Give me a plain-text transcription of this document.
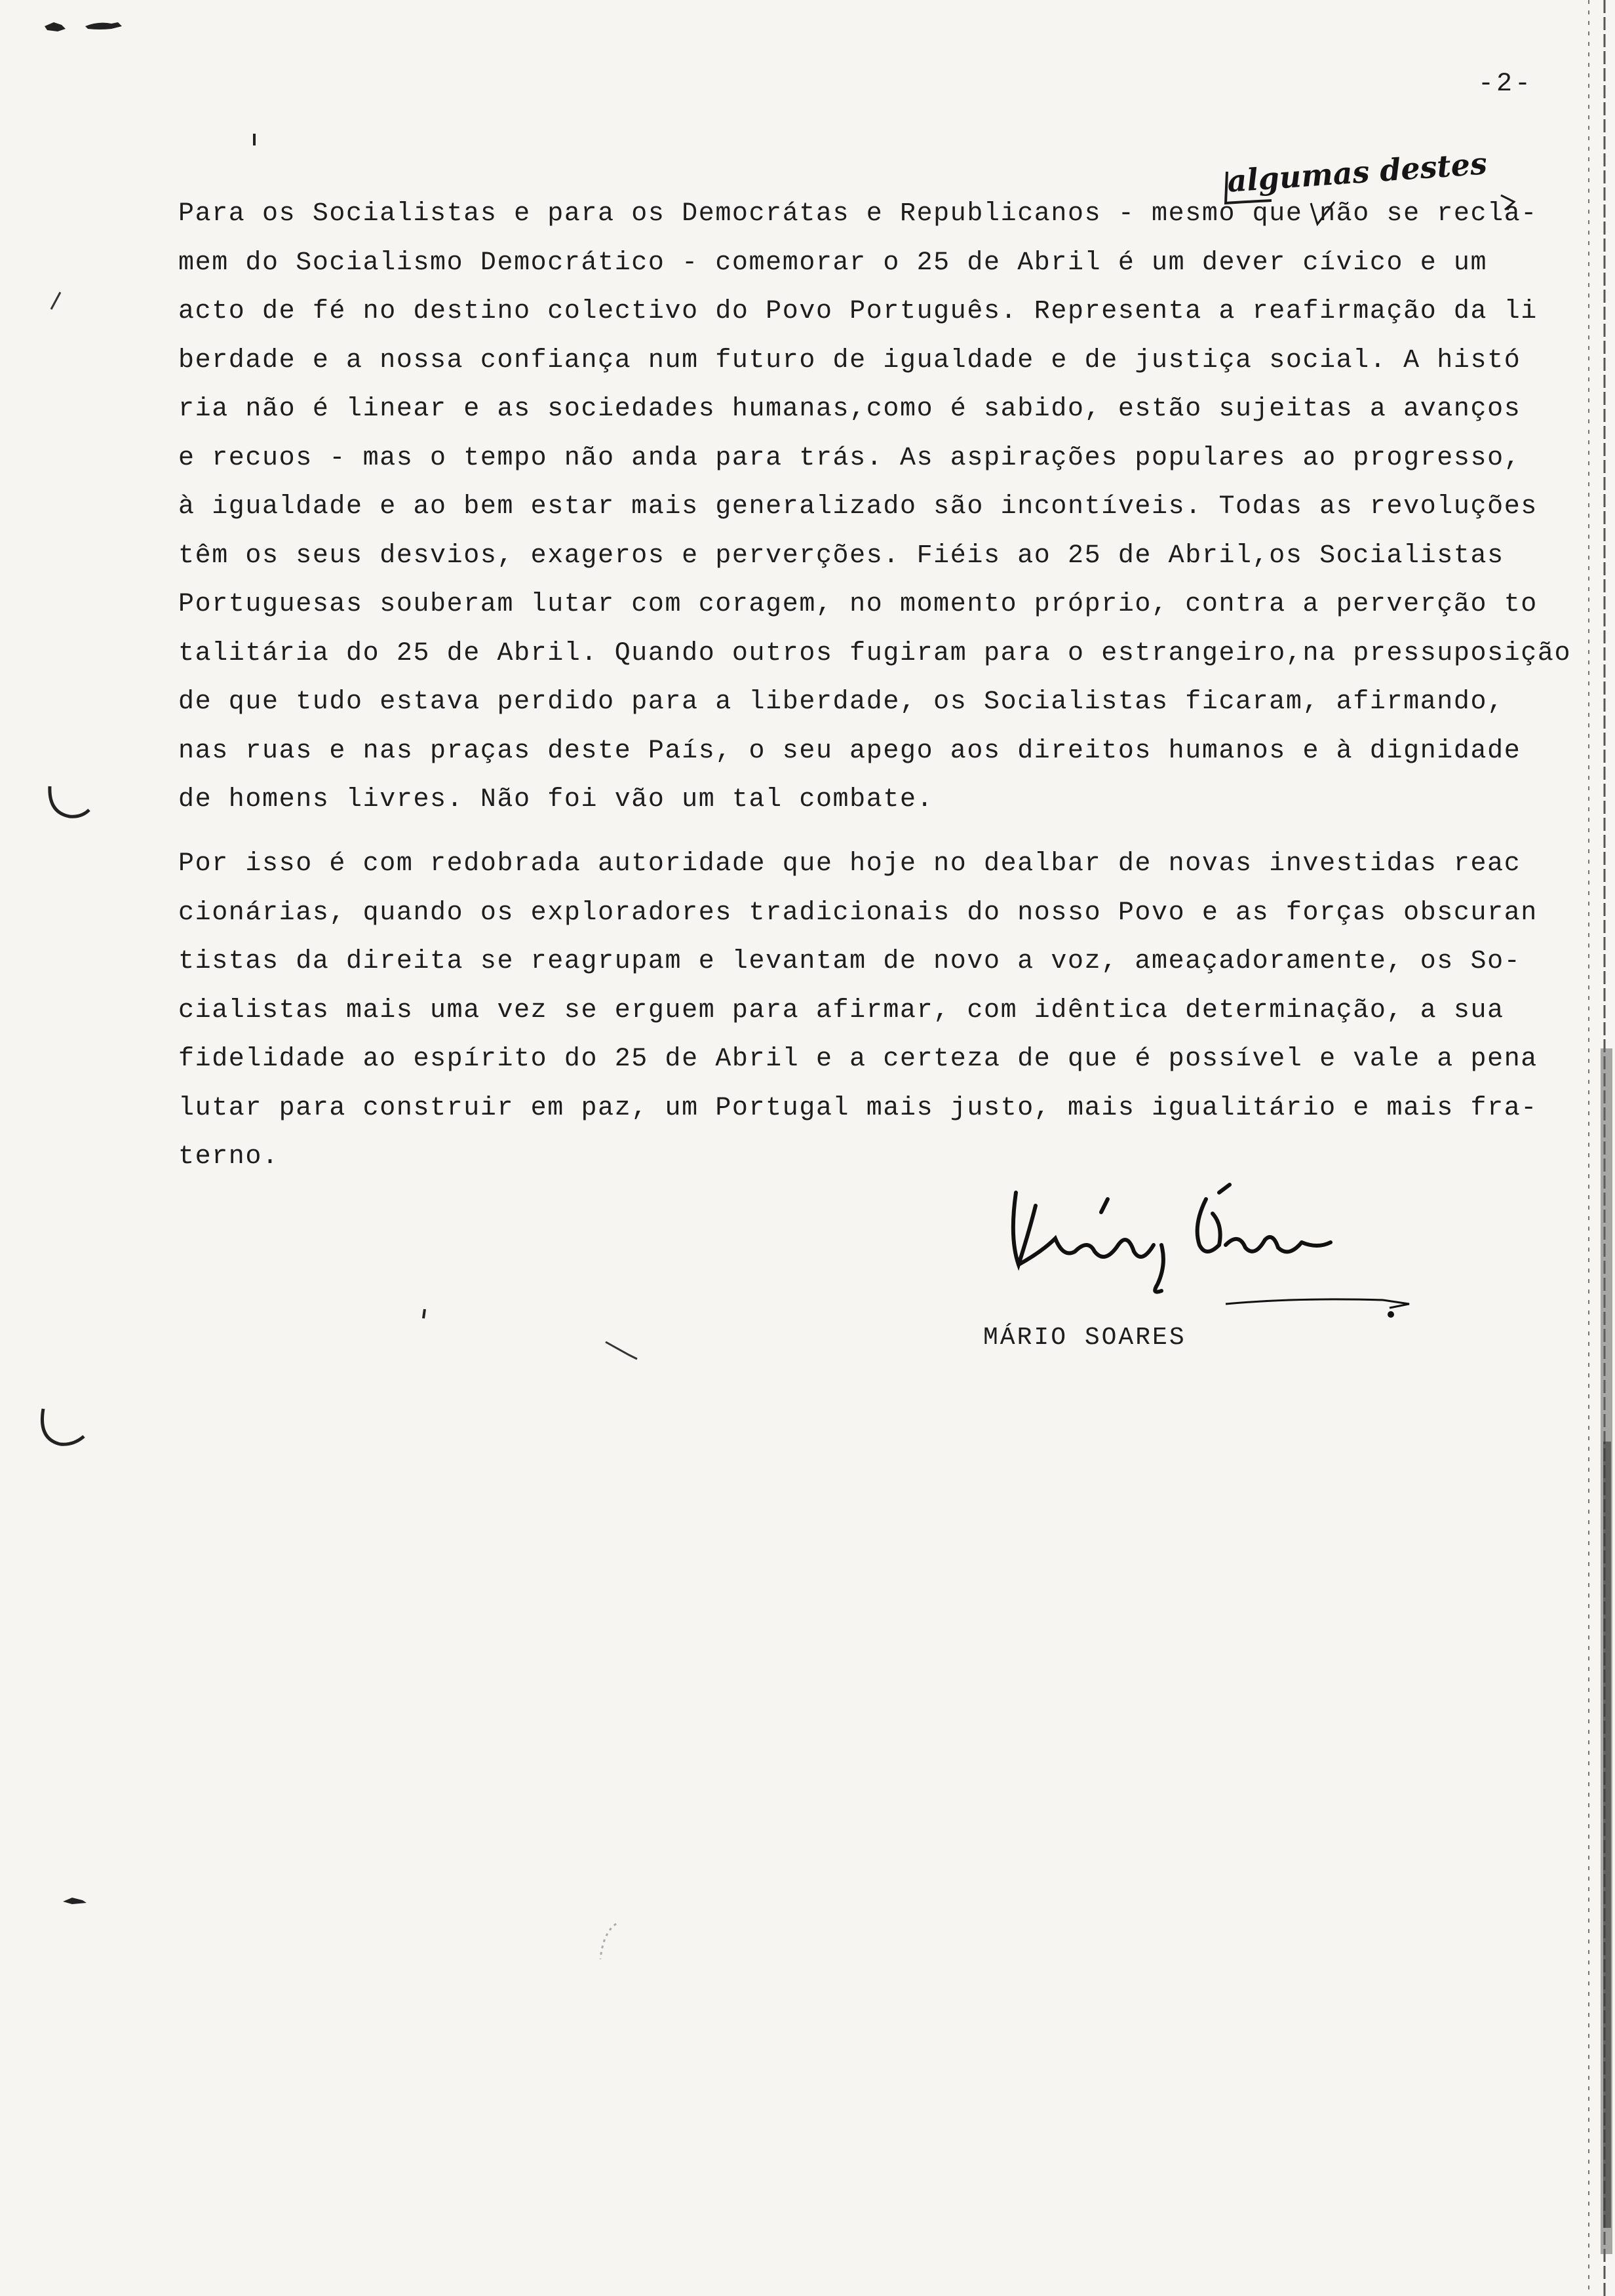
-2-
algumas destes
Para os Socialistas e para os Democrátas e Republicanos - mesmo que não se recla-
mem do Socialismo Democrático - comemorar o 25 de Abril é um dever cívico e um
acto de fé no destino colectivo do Povo Português. Representa a reafirmação da li
berdade e a nossa confiança num futuro de igualdade e de justiça social. A histó
ria não é linear e as sociedades humanas,como é sabido, estão sujeitas a avanços
e recuos - mas o tempo não anda para trás. As aspirações populares ao progresso,
à igualdade e ao bem estar mais generalizado são incontíveis. Todas as revoluções
têm os seus desvios, exageros e perverções. Fiéis ao 25 de Abril,os Socialistas
Portuguesas souberam lutar com coragem, no momento próprio, contra a perverção to
talitária do 25 de Abril. Quando outros fugiram para o estrangeiro,na pressuposição
de que tudo estava perdido para a liberdade, os Socialistas ficaram, afirmando,
nas ruas e nas praças deste País, o seu apego aos direitos humanos e à dignidade
de homens livres. Não foi vão um tal combate.
Por isso é com redobrada autoridade que hoje no dealbar de novas investidas reac
cionárias, quando os exploradores tradicionais do nosso Povo e as forças obscuran
tistas da direita se reagrupam e levantam de novo a voz, ameaçadoramente, os So-
cialistas mais uma vez se erguem para afirmar, com idêntica determinação, a sua
fidelidade ao espírito do 25 de Abril e a certeza de que é possível e vale a pena
lutar para construir em paz, um Portugal mais justo, mais igualitário e mais fra-
terno.
MÁRIO SOARES
